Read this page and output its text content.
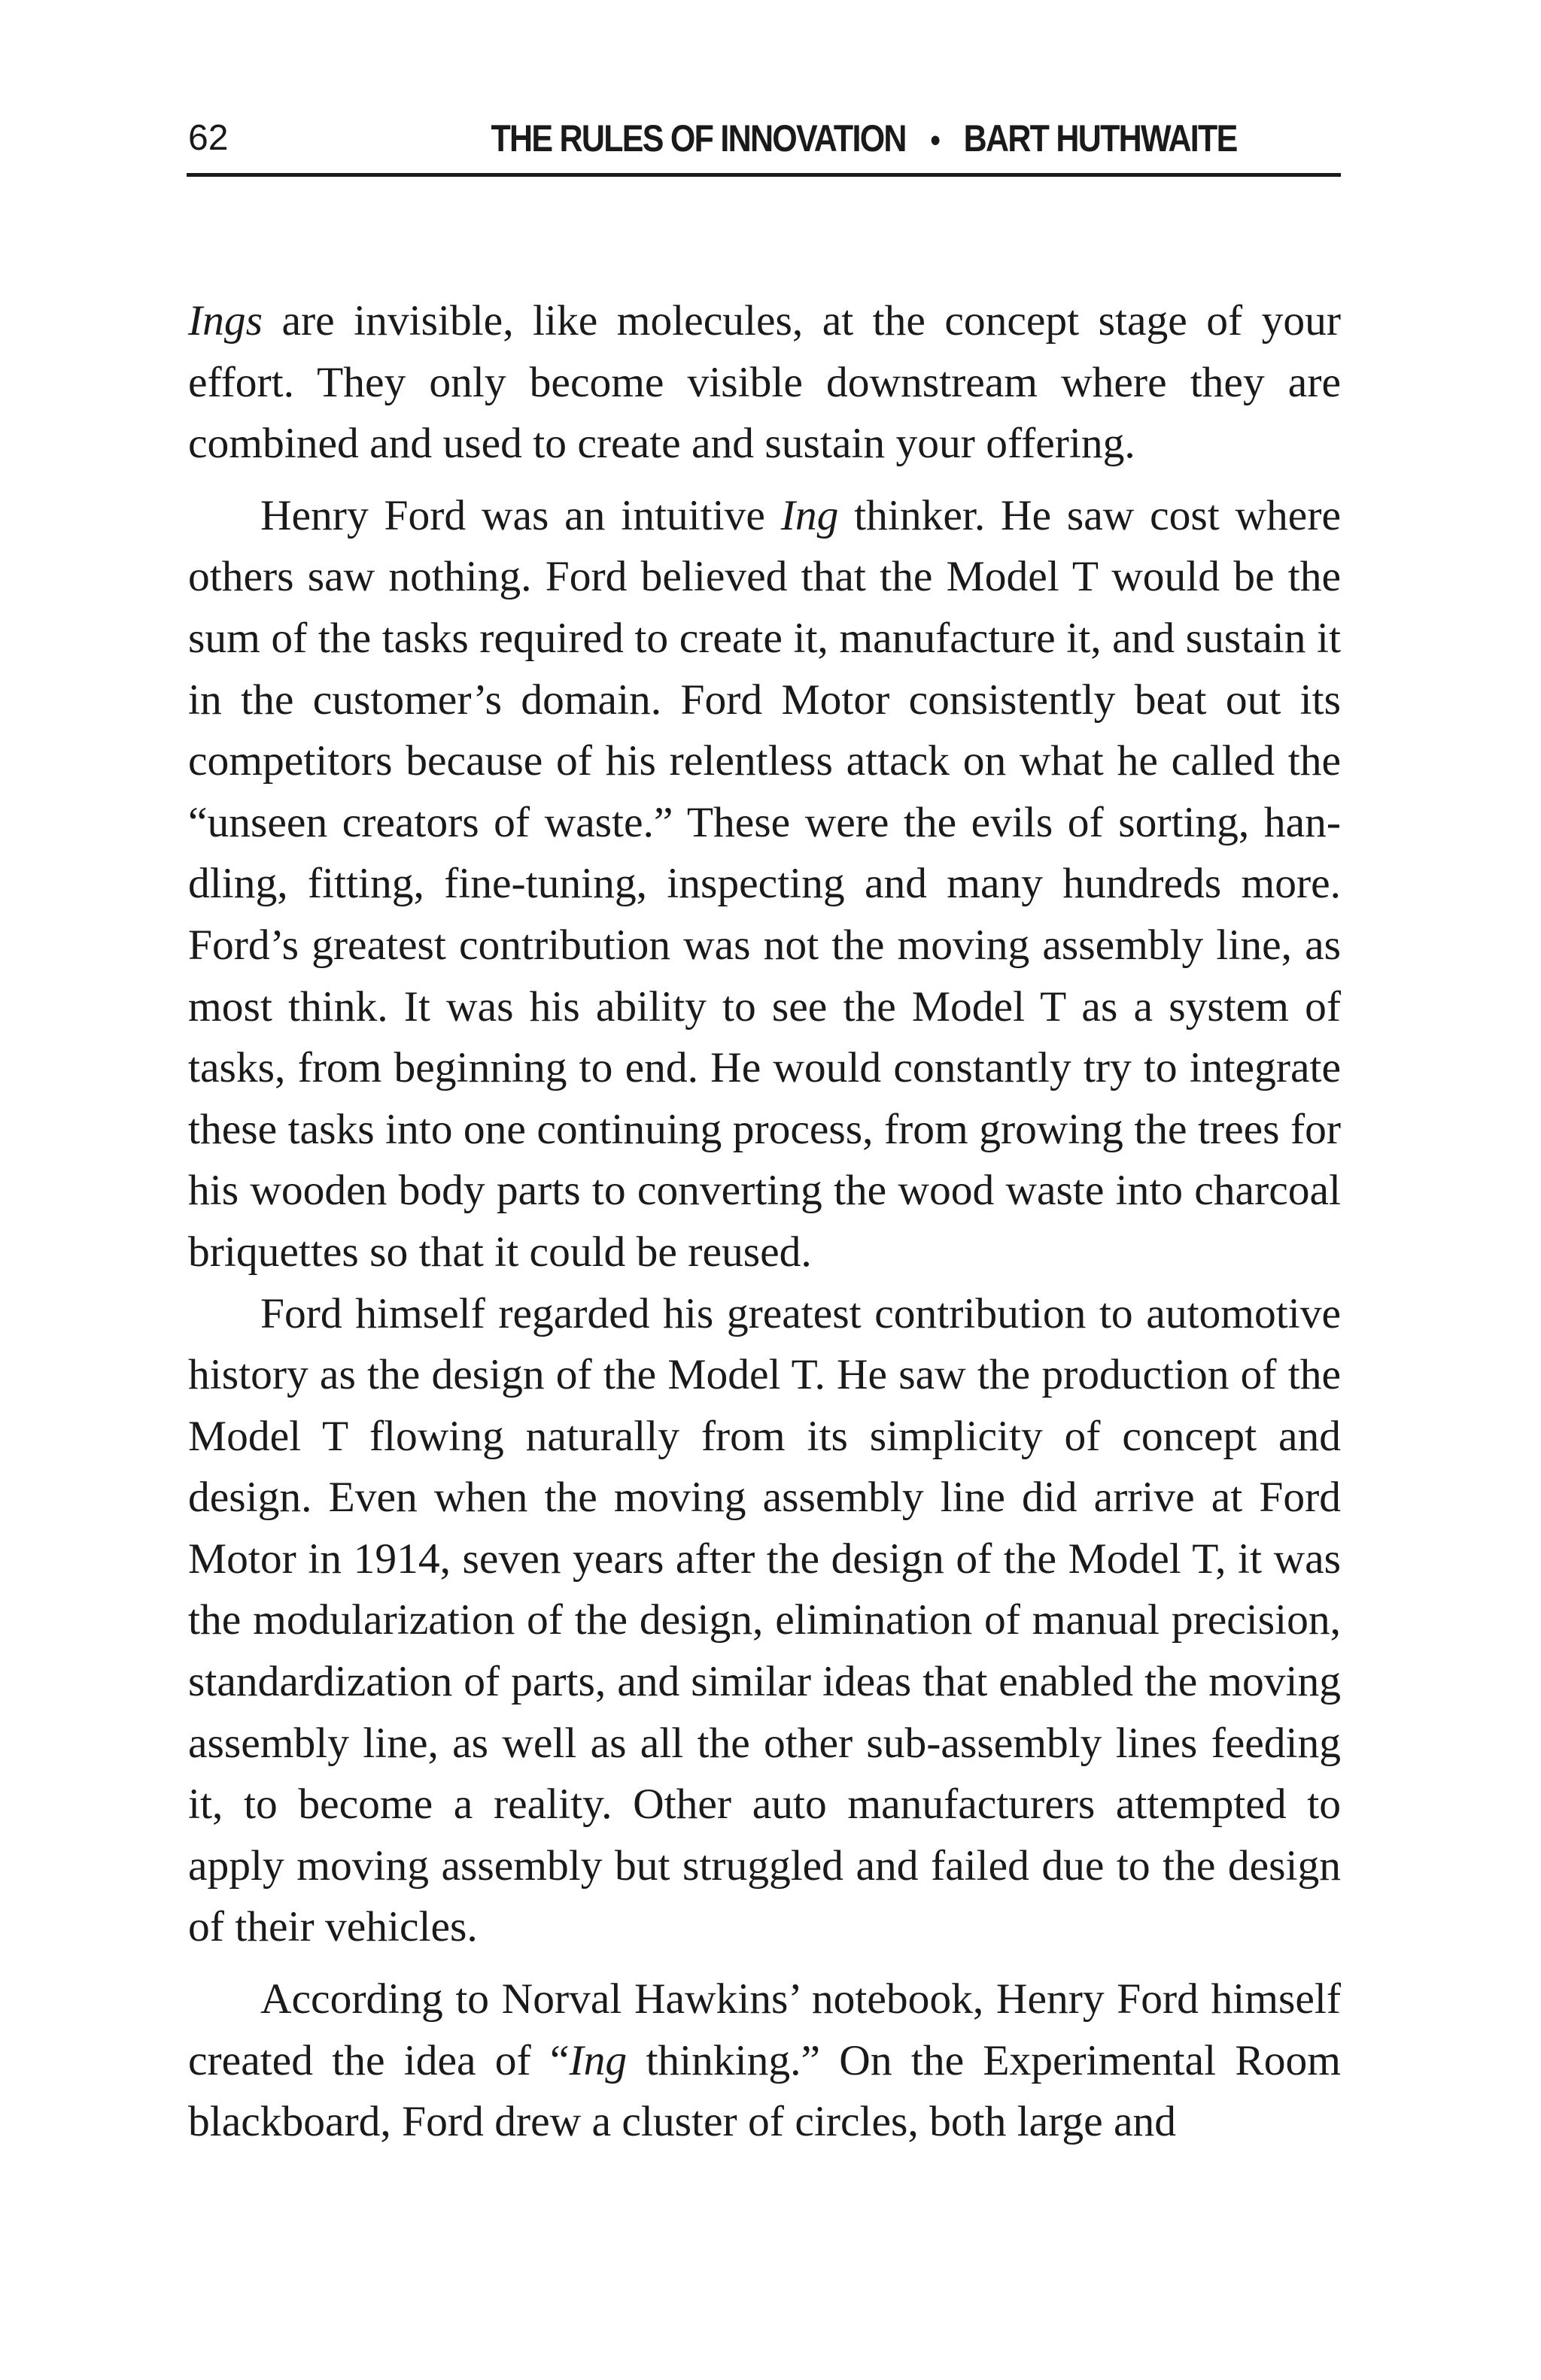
62	THE RULES OF INNOVATION • BART HUTHWAITE

Ings are invisible, like molecules, at the concept stage of your effort. They only become visible downstream where they are combined and used to create and sustain your offering.

Henry Ford was an intuitive Ing thinker. He saw cost where others saw nothing. Ford believed that the Model T would be the sum of the tasks required to create it, manufacture it, and sustain it in the customer’s domain. Ford Motor consistently beat out its competitors because of his relentless attack on what he called the “unseen creators of waste.” These were the evils of sorting, handling, fitting, fine-tuning, inspecting and many hundreds more. Ford’s greatest contribution was not the moving assembly line, as most think. It was his ability to see the Model T as a system of tasks, from beginning to end. He would constantly try to integrate these tasks into one continuing process, from growing the trees for his wooden body parts to converting the wood waste into charcoal briquettes so that it could be reused.

Ford himself regarded his greatest contribution to automotive history as the design of the Model T. He saw the production of the Model T flowing naturally from its simplicity of concept and design. Even when the moving assembly line did arrive at Ford Motor in 1914, seven years after the design of the Model T, it was the modularization of the design, elimination of manual precision, standardization of parts, and similar ideas that enabled the moving assembly line, as well as all the other sub-assembly lines feeding it, to become a reality. Other auto manufacturers attempted to apply moving assembly but struggled and failed due to the design of their vehicles.

According to Norval Hawkins’ notebook, Henry Ford himself created the idea of “Ing thinking.” On the Experimental Room blackboard, Ford drew a cluster of circles, both large and
